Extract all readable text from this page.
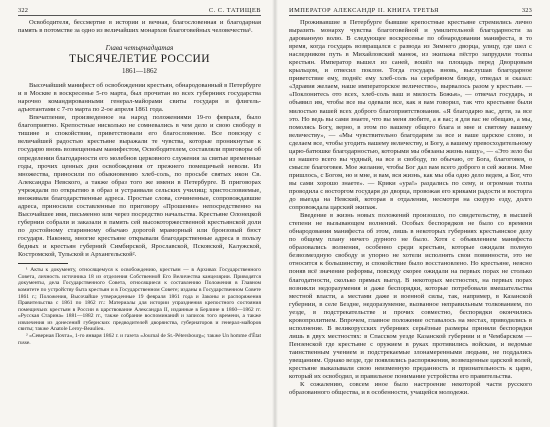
322	С. С. ТАТИЩЕВ

Освободителя, бессмертие в истории и вечная, благословенная и благодарная память в потомстве за одно из величайших монархов благоговейных человечества¹.

Глава четырнадцатая
ТЫСЯЧЕЛЕТИЕ РОССИИ
1861—1862

Высочайший манифест об освобождении крестьян, обнародованный в Петербурге и в Москве в воскресенье 5-го марта, был прочитан во всех губерниях государства нарочно командированными генерал-майорами свиты государя и флигель-адъютантами с 7-го марта по 2-ое апреля 1861 года.

Впечатление, произведенное на народ положениями 19-го февраля, было благоприятно. Крепостные нисколько не сомневались в чем дело и свою свободу в тишине и спокойствии, приветствовали его благословение. Все повсюду с величайшей радостью крестьяне выражали те чувства, которые проникнутые к государю вновь возвещенным манифестом, Освободителем, составляли приговоры об определении благодарности его молебнов церковного служения за святые временные годы, прочих ценных дни освобождения от прежнего помещичьей неволи. Из множества, приносили по обыкновению хлеб-соль, по просьбе святых икон Св. Александра Невского, а также образ того же имени в Петербурге. В приговорах учреждали по открытию в образ и устраивали сельских училищ; христословиемые, вноживали благодарственные адреса. Простые слова, сочиненные, сопровождавшие адреса, приносили составленные по приговору «Прошение» непосредственно на Высочайшее имя, письменно или через посредство начальства. Крестьяне Олонецкой губернии собрали и заказали в память сей высокоторжественной крестьянской доли по достойному старинному обычаю дорогой мраморный или бронзовый бюст государя. Наконец, многие крестьяне открывали благодарственные адреса в пользу бедных и крестьян губерний Симбирской, Ярославской, Псковской, Калужской, Костромской, Тульской и Архангельской².

¹ Акты к документу, относящемуся к освобождению, крестьян — в Архивах Государственного Совета, личность источника 18 из отделения Собственной Его Величества канцелярии. Приводятся документы, дела Государственного Совета, относящиеся к составлению Положения в Главном комитете по устройству быта крестьян и в Государственном Совете; изданы в Государственном Совете 1861 г.; Положения, Высочайше утвержденные 19 февраля 1861 года и Законы и распоряжения Правительства с 1861 по 1862 гг.: Материалы для истории упразднения крепостного состояния помещичьих крестьян в России в царствование Александра II, изданные в Берлине в 1860—1862 гг. «Русская Старина» 1881—1882 гг., также собрание воспоминаний и записок того времени, а также извлечения из донесений губернских предводителей дворянства, губернаторов и генерал-майоров свиты; также Anatole Leroy-Beaulieu.

² «Северная Почта», 1-го января 1862 г. и газета «Journal de St.-Pétersbourg»; также Un homme d'État russe.

ИМПЕРАТОР АЛЕКСАНДР II. КНИГА ТРЕТЬЯ	323

Проживавшие в Петербурге бывшие крепостные крестьяне стремились лично выразить монарху чувства благоговейной и умилительной благодарности за дарованную волю. В следующее воскресенье по обнародовании манифеста, в то время, когда государь возвращался с развода из Зимнего дворца, улицу, где шел с наследником путь в Михайловский манеж, из экипажа пёстро запрудили толпы крестьян. Император вышел из саней, вошёл на площадь перед Дворцовым крыльцом, и отвесил поклон. Тогда государь вновь, выслушав благодарное приветствие ему, поднёс ему хлеб-соль на серебряном блюде, отведал и сказал: «Здравия желаем, наше императорское величество», вырвалось разом у крестьян. — «Поклонитесь ото всех, хлеб-соль ваш и милость Божья», — отвечал государь, и объявил им, чтобы все вы одевали все, как я вам говорил, так что крестьяне были милостью вашей всех доброго благоприятствования. «Я благодарю вас, дети, за все это. Но ведь вы сами знаете, что вы меня любите, а я вас; я для вас не обещаю, а мы, помолясь Богу, верно, в этом по вашему общего блага и мне и святому вашему величеству», — «Мы чувствительно благодарим за все и ваше царское слово, и сделаем все, чтобы угодить вашему величеству, и Богу, а вашему превосходительному царю-батюшке благодарностью, которыми мы обязаны жизнь нашу», — «Это зело бы из нашего всего вы чудный, на все и свободу, по обычаю, от Бога, благоговея, о смысле благоговея. Мое желание, чтобы Бог дал вам всего доброго в сей жизни. Мне пришлось, с Богом, но и мне, и вам, вся жизнь, как мы оба одно дело ведем, а Бог, что вы сами хорошо знаете». — Крики «ура!» раздались по сему, и огромная толпа проводила с восторгом государя до дворца, провожая его криками радости и восторга до выезда на Невский, которая в отдалении, несмотря на скорую езду, долго сопровождала царский экипаж.

Введение в жизнь новых положений произошло, по свидетельству, в высшей степени не вызывающем волнений. Особых беспорядков не было со времени обнародования манифеста об этом, лишь в некоторых губерниях крестьянское делу по общему плану ничего дурного не было. Хотя с объявлением манифеста образовались волнения, особенно среди крестьян, которые ожидали полную безвозмездную свободу и упорно не хотели исполнять свои повинности, это не относится к большинству, и спокойствие было восстановлено. Но крестьяне, неясно поняв всё значение реформы, повсюду скорее ожидали на первых порах не столько благодатности, сколько прямых выгод. В некоторых местностях, на первых порах возникли недоразумения и даже беспорядки, которые потребовали вмешательства местной власти, а местами даже и военной силы, так, например, в Казанской губернии, в селе Бездне, недоразумение, вызванное неправильным толкованием, по уезде, в подстрекательстве и прочих совместно, беспорядки окончились кровопролитием. Впрочем, главное положение оставалось на местах, приводились в исполнение. В великорусских губерниях серьёзные размеры приняли беспорядки лишь в двух местностях: в Спасском уезде Казанской губернии и в Чембарском — Пензенской где крестьяне с оружием в руках противились войскам, и ведомые таинственным учением и подстрекаемые злонамеренными людьми, не поддались увещаниям. Однако везде, где появлялись распоряжения, возвещенные царской волей, крестьяне выказывали свою неизменную преданность и признательность к царю, который их освободил, и правильное понимание устройства его правительства.

К сожалению, совсем иное было настроение некоторой части русского образованного общества, и в особенности, учащейся молодежи.
